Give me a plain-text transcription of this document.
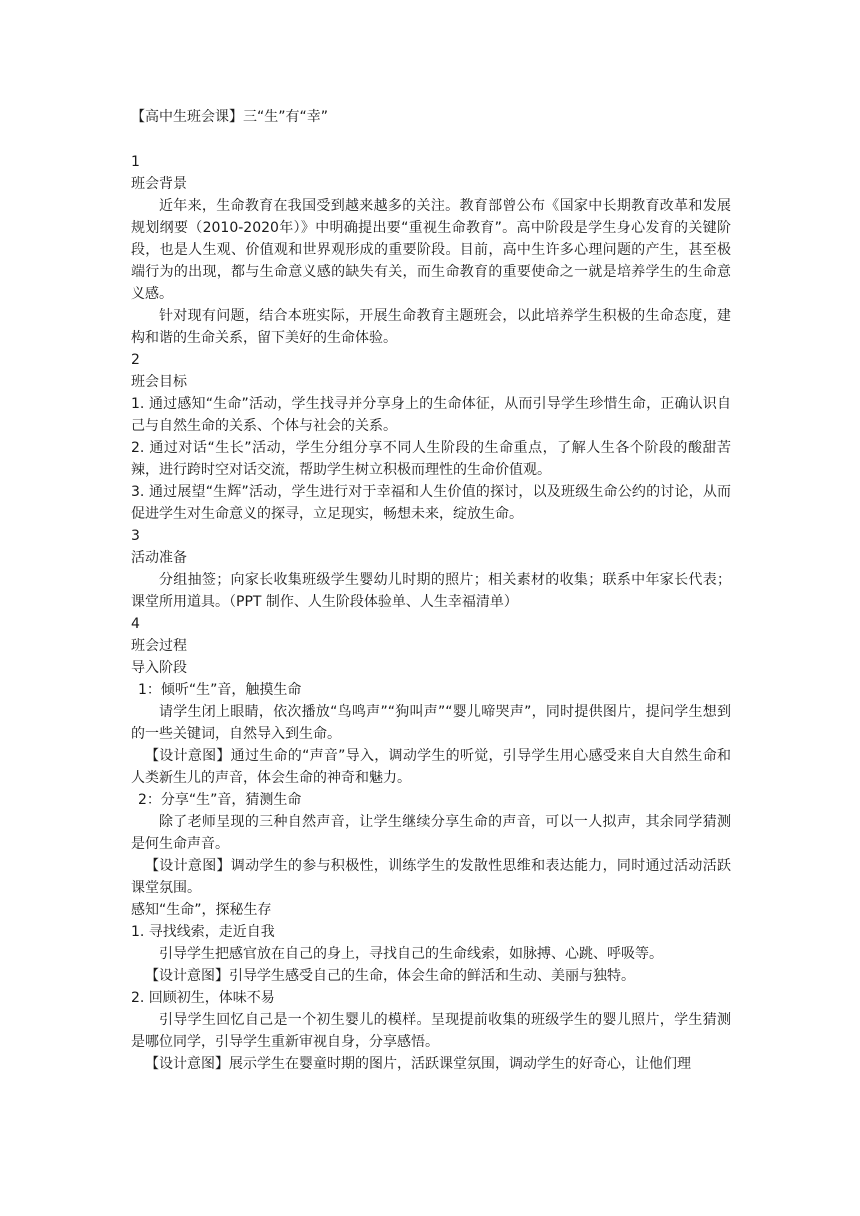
【高中生班会课】三“生”有“幸”
1
班会背景

近年来，生命教育在我国受到越来越多的关注。教育部曾公布《国家中长期教育改革和发展规划纲要（2010-2020年）》中明确提出要“重视生命教育”。高中阶段是学生身心发育的关键阶段，也是人生观、价值观和世界观形成的重要阶段。目前，高中生许多心理问题的产生，甚至极端行为的出现，都与生命意义感的缺失有关，而生命教育的重要使命之一就是培养学生的生命意义感。

针对现有问题，结合本班实际，开展生命教育主题班会，以此培养学生积极的生命态度，建构和谐的生命关系，留下美好的生命体验。

2
班会目标

1. 通过感知“生命”活动，学生找寻并分享身上的生命体征，从而引导学生珍惜生命，正确认识自己与自然生命的关系、个体与社会的关系。

2. 通过对话“生长”活动，学生分组分享不同人生阶段的生命重点，了解人生各个阶段的酸甜苦辣，进行跨时空对话交流，帮助学生树立积极而理性的生命价值观。

3. 通过展望“生辉”活动，学生进行对于幸福和人生价值的探讨，以及班级生命公约的讨论，从而促进学生对生命意义的探寻，立足现实，畅想未来，绽放生命。

3
活动准备

分组抽签；向家长收集班级学生婴幼儿时期的照片；相关素材的收集；联系中年家长代表；课堂所用道具。（PPT 制作、人生阶段体验单、人生幸福清单）

4
班会过程
导入阶段
1：倾听“生”音，触摸生命

请学生闭上眼睛，依次播放“鸟鸣声”“狗叫声”“婴儿啼哭声”，同时提供图片，提问学生想到的一些关键词，自然导入到生命。

【设计意图】通过生命的“声音”导入，调动学生的听觉，引导学生用心感受来自大自然生命和人类新生儿的声音，体会生命的神奇和魅力。

2：分享“生”音，猜测生命

除了老师呈现的三种自然声音，让学生继续分享生命的声音，可以一人拟声，其余同学猜测是何生命声音。

【设计意图】调动学生的参与积极性，训练学生的发散性思维和表达能力，同时通过活动活跃课堂氛围。

感知“生命”，探秘生存
1. 寻找线索，走近自我

引导学生把感官放在自己的身上，寻找自己的生命线索，如脉搏、心跳、呼吸等。

【设计意图】引导学生感受自己的生命，体会生命的鲜活和生动、美丽与独特。

2. 回顾初生，体味不易

引导学生回忆自己是一个初生婴儿的模样。呈现提前收集的班级学生的婴儿照片，学生猜测是哪位同学，引导学生重新审视自身，分享感悟。

【设计意图】展示学生在婴童时期的图片，活跃课堂氛围，调动学生的好奇心，让他们理
